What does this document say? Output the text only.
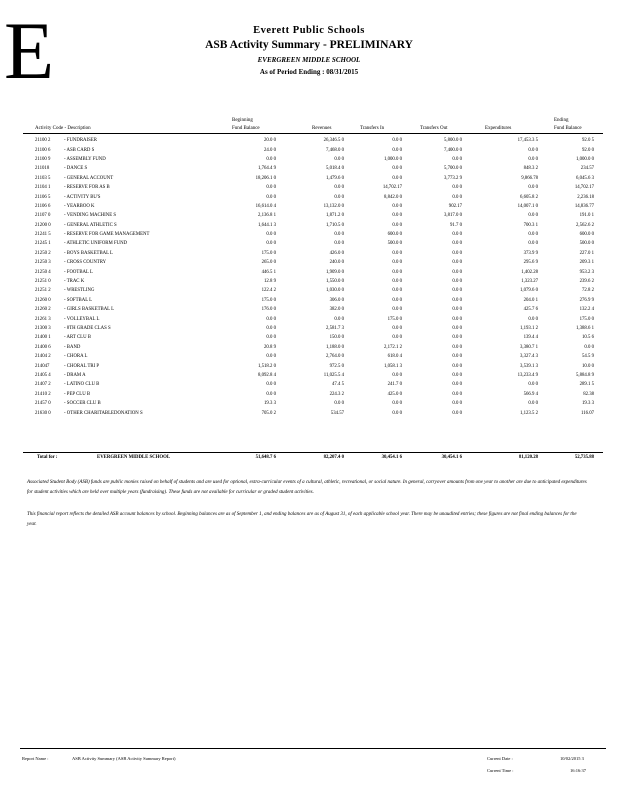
E	Everett Public Schools
ASB Activity Summary - PRELIMINARY
EVERGREEN MIDDLE SCHOOL
As of Period Ending : 08/31/2015
Activity Code - Description
Beginning
Fund Balance	Revenues	Transfers In	Transfers Out	Expenditures
Ending
Fund Balance
21100 2	- FUNDRAISER	20.0 0	26,346.5 0	0.0 0	5,800.0 0	17,453.3 5	92.0 5	
21100 6	- ASB CARD S	24.0 0	7,468.0 0	0.0 0	7,400.0 0	0.0 0	92.0 0	
21100 9	- ASSEMBLY FUND	0.0 0	0.0 0	1,000.0 0	0.0 0	0.0 0	1,000.0 0	
211018	- DANCE S	1,764.4 9	5,018.4 0	0.0 0	5,700.0 0	848.3 2	234.57	
21103 5	- GENERAL ACCOUNT	18,206.1 0	1,479.6 0	0.0 0	3,773.2 9	9,866.78	6,045.6 3	
21104 1	- RESERVE FOR AS B	0.0 0	0.0 0	14,702.17	0.0 0	0.0 0	14,702.17	
21106 5	- ACTIVITY BU'S	0.0 0	0.0 0	8,842.0 0	0.0 0	6,605.8 2	2,236.18	
21106 6	- YEARBOO K	16,614.0 4	13,132.0 0	0.0 0	902.17	14,007.1 0	14,836.77	
21107 0	- VENDING MACHINE S	2,136.8 1	1,871.2 0	0.0 0	3,817.0 0	0.0 0	191.0 1	
21200 0	- GENERAL ATHLETIC S	1,644.1 3	1,710.5 0	0.0 0	91.7 0	700.3 1	2,562.6 2	
21241 5	- RESERVE FOR GAME MANAGEMENT	0.0 0	0.0 0	600.0 0	0.0 0	0.0 0	600.0 0	
21245 1	- ATHLETIC UNIFORM FUND	0.0 0	0.0 0	500.0 0	0.0 0	0.0 0	500.0 0	
21250 2	- BOYS BASKETBAL L	175.0 0	426.0 0	0.0 0	0.0 0	373.9 9	227.0 1	
21250 3	- CROSS COUNTRY	265.0 0	240.0 0	0.0 0	0.0 0	295.6 9	209.3 1	
21250 4	- FOOTBAL L	446.5 1	1,909.0 0	0.0 0	0.0 0	1,402.28	953.2 3	
21251 0	- TRAC K	12.8 9	1,550.0 0	0.0 0	0.0 0	1,323.27	239.6 2	
21251 2	- WRESTLING	122.4 2	1,030.0 0	0.0 0	0.0 0	1,079.6 0	72.8 2	
21260 0	- SOFTBAL L	175.0 0	306.0 0	0.0 0	0.0 0	204.0 1	276.9 9	
21260 2	- GIRLS BASKETBAL L	176.0 0	382.0 0	0.0 0	0.0 0	425.7 6	132.2 4	
21261 3	- VOLLEYBAL L	0.0 0	0.0 0	175.0 0	0.0 0	0.0 0	175.0 0	
21300 3	- 8TH GRADE CLAS S	0.0 0	2,581.7 3	0.0 0	0.0 0	1,193.1 2	1,388.6 1	
21400 1	- ART CLU B	0.0 0	150.0 0	0.0 0	0.0 0	139.4 4	10.5 6	
21400 6	- BAND	20.8 9	1,188.0 0	2,172.1 2	0.0 0	3,380.7 1	0.0 0	
21404 2	- CHORA L	0.0 0	2,764.0 0	618.0 4	0.0 0	3,327.4 3	54.5 9	
214047	- CHORAL TRI P	1,518.2 0	972.5 0	1,058.1 3	0.0 0	3,539.1 3	10.0 0	
21405 4	- DRAM A	8,092.8 4	11,025.5 4	0.0 0	0.0 0	13,233.4 9	5,884.8 9	
21407 2	- LATINO CLU B	0.0 0	47.4 5	241.7 0	0.0 0	0.0 0	289.1 5	
21410 2	- PEP CLU B	0.0 0	224.3 2	425.0 0	0.0 0	566.9 4	82.38	
21457 0	- SOCCER CLU B	19.3 3	0.0 0	0.0 0	0.0 0	0.0 0	19.3 3	
21630 0	- OTHER CHARITABLEDONATION S	705.0 2	534.57	0.0 0	0.0 0	1,123.5 2	116.07	
Total for :	EVERGREEN MIDDLE SCHOOL	51,648.7 6	82,207.4 0	30,454.1 6	30,454.1 6	81,120.28	52,735.88
Associated Student Body (ASB) funds are public monies raised on behalf of students and are used for optional, extra-curricular events of a cultural, athletic, recreational, or social nature. In general, carryover amounts from one year to another are due to anticipated expenditures for student activities which are held over multiple years (fundraising). These funds are not available for curricular or graded student activities.
This financial report reflects the detailed ASB account balances by school. Beginning balances are as of September 1, and ending balances are as of August 31, of each applicable school year. There may be unaudited entries; these figures are not final ending balances for the year.
Report Name :	ASB Activity Summary (ASB Activity Summary Report)	Current Date :	10/02/2015 3
Current Time :	16:16:37
